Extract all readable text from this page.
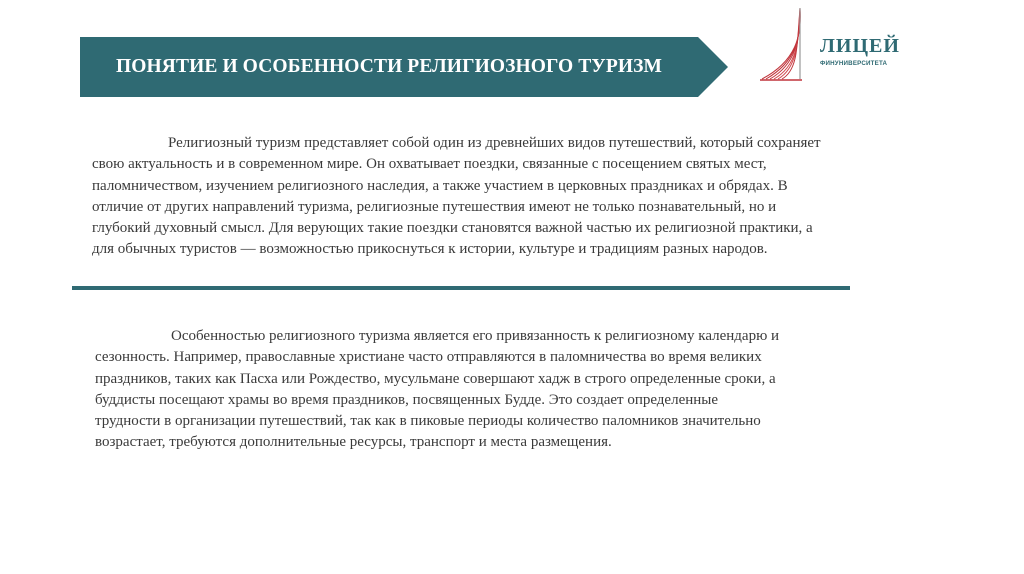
ПОНЯТИЕ И ОСОБЕННОСТИ РЕЛИГИОЗНОГО ТУРИЗМ
ЛИЦЕЙ
ФИНУНИВЕРСИТЕТА

Религиозный туризм представляет собой один из древнейших видов путешествий, который сохраняет свою актуальность и в современном мире. Он охватывает поездки, связанные с посещением святых мест, паломничеством, изучением религиозного наследия, а также участием в церковных праздниках и обрядах. В отличие от других направлений туризма, религиозные путешествия имеют не только познавательный, но и глубокий духовный смысл. Для верующих такие поездки становятся важной частью их религиозной практики, а для обычных туристов — возможностью прикоснуться к истории, культуре и традициям разных народов.

Особенностью религиозного туризма является его привязанность к религиозному календарю и сезонность. Например, православные христиане часто отправляются в паломничества во время великих праздников, таких как Пасха или Рождество, мусульмане совершают хадж в строго определенные сроки, а буддисты посещают храмы во время праздников, посвященных Будде. Это создает определенные трудности в организации путешествий, так как в пиковые периоды количество паломников значительно возрастает, требуются дополнительные ресурсы, транспорт и места размещения.
